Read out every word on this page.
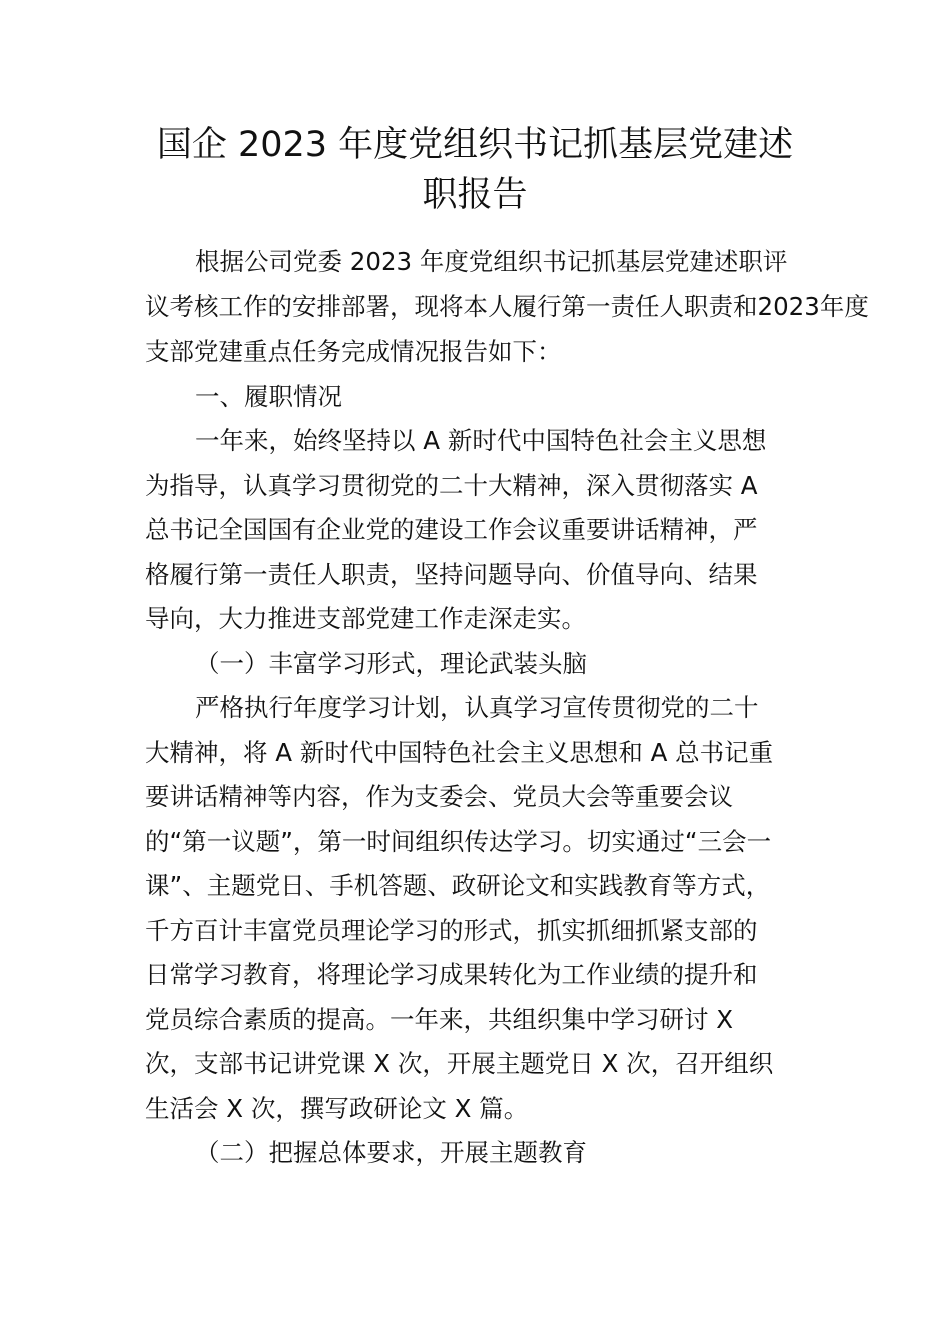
国企 2023 年度党组织书记抓基层党建述
职报告

根据公司党委 2023 年度党组织书记抓基层党建述职评

议考核工作的安排部署，现将本人履行第一责任人职责和2023年度

支部党建重点任务完成情况报告如下：

一、履职情况

一年来，始终坚持以 A 新时代中国特色社会主义思想

为指导，认真学习贯彻党的二十大精神，深入贯彻落实 A

总书记全国国有企业党的建设工作会议重要讲话精神，严

格履行第一责任人职责，坚持问题导向、价值导向、结果

导向，大力推进支部党建工作走深走实。

（一）丰富学习形式，理论武装头脑

严格执行年度学习计划，认真学习宣传贯彻党的二十

大精神，将 A 新时代中国特色社会主义思想和 A 总书记重

要讲话精神等内容，作为支委会、党员大会等重要会议

的“第一议题”，第一时间组织传达学习。切实通过“三会一

课”、主题党日、手机答题、政研论文和实践教育等方式，

千方百计丰富党员理论学习的形式，抓实抓细抓紧支部的

日常学习教育，将理论学习成果转化为工作业绩的提升和

党员综合素质的提高。一年来，共组织集中学习研讨 X

次，支部书记讲党课 X 次，开展主题党日 X 次，召开组织

生活会 X 次，撰写政研论文 X 篇。

（二）把握总体要求，开展主题教育
